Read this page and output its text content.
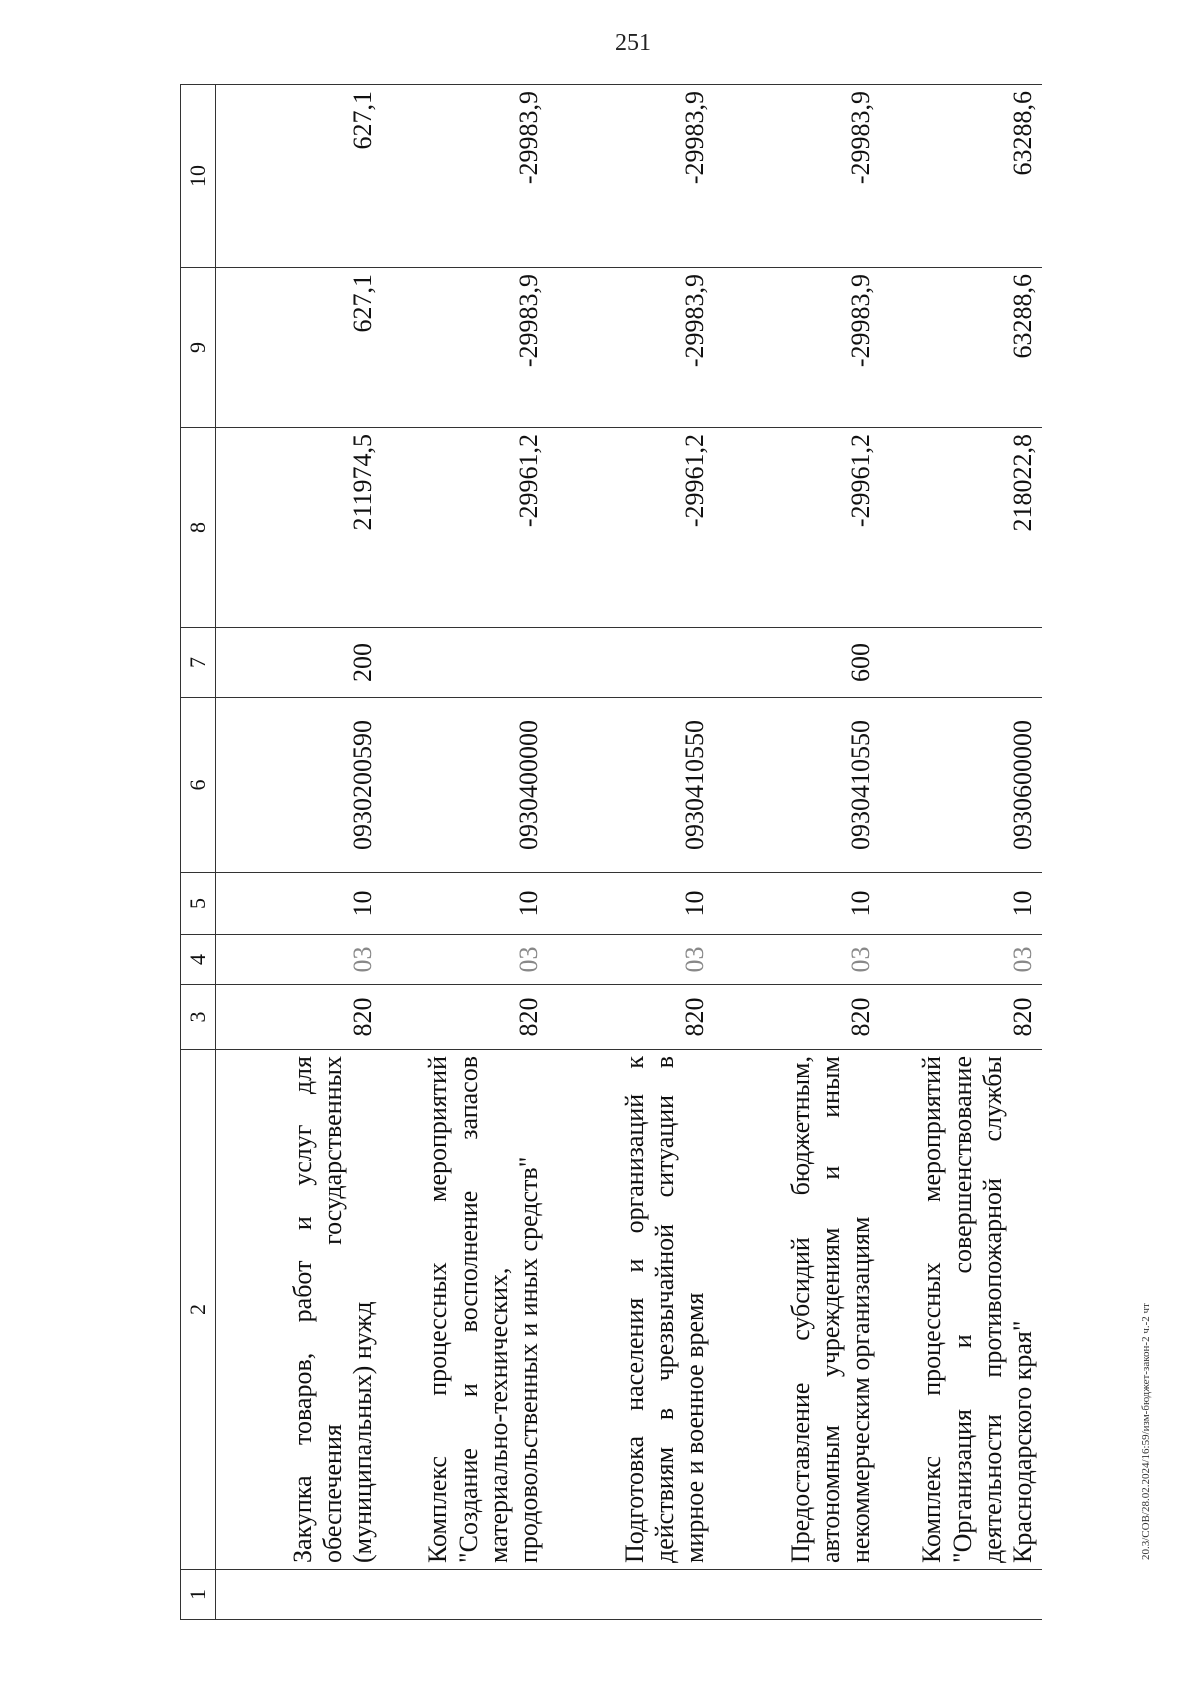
251
20.3/СОВ/28.02.2024/16:59/изм-бюджет-закон-2 ч.-2 чт
1	2	3	4	5	6	7	8	9	10
	Закупка товаров, работ и услуг для обеспечения государственных (муниципальных) нужд	820	03	10	0930200590	200	211974,5	627,1	627,1
	Комплекс процессных мероприятий "Создание и восполнение запасов материально-технических, продовольственных и иных средств"	820	03	10	0930400000		-29961,2	-29983,9	-29983,9
	Подготовка населения и организаций к действиям в чрезвычайной ситуации в мирное и военное время	820	03	10	0930410550		-29961,2	-29983,9	-29983,9
	Предоставление субсидий бюджетным, автономным учреждениям и иным некоммерческим организациям	820	03	10	0930410550	600	-29961,2	-29983,9	-29983,9
	Комплекс процессных мероприятий "Организация и совершенствование деятельности противопожарной службы Краснодарского края"	820	03	10	0930600000		218022,8	63288,6	63288,6
